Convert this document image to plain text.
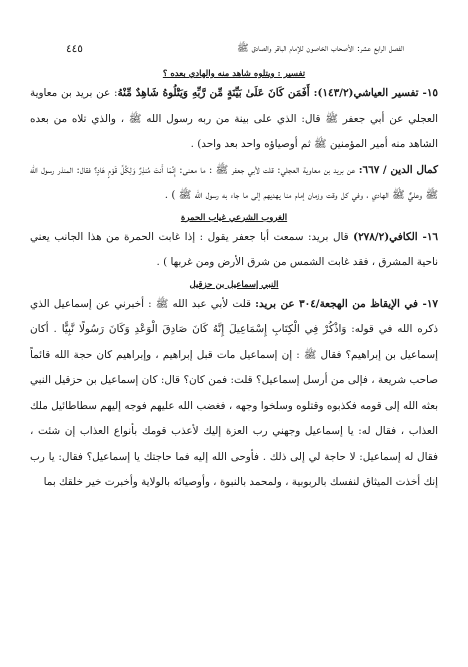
الفصل الرابع عشر: الأصحاب الخاصون للإمام الباقر والصادق ﷺ
٤٤٥
تفسير : ويتلوه شاهد منه والهادي بعده ؟

١٥- تفسير العياشي(١٤٣/٢): أَفَمَن كَانَ عَلَىٰ بَيِّنَةٍ مِّن رَّبِّهِ وَيَتْلُوهُ شَاهِدٌ مِّنْهُ: عن بريد بن معاوية العجلي عن أبي جعفر ﷺ قال: الذي على بينة من ربه رسول الله ﷺ ، والذي تلاه من بعده الشاهد منه أمير المؤمنين ﷺ ثم أوصياؤه واحد بعد واحد) .

كمال الدين / ٦٦٧: عن بريد بن معاوية العجلي: قلت لأبي جعفر ﷺ : ما معنى: إِنَّمَا أَنتَ مُنذِرٌ وَلِكُلِّ قَوْمٍ هَادٍ؟ فقال: المنذر رسول الله ﷺ وعليٌّ ﷺ الهادي ، وفي كل وقت وزمان إمام منا يهديهم إلى ما جاء به رسول الله ﷺ ) .

الغروب الشرعي غياب الحمرة

١٦- الكافي(٢٧٨/٢) قال بريد: سمعت أبا جعفر يقول : إذا غابت الحمرة من هذا الجانب يعني ناحية المشرق ، فقد غابت الشمس من شرق الأرض ومن غربها ) .

النبي إسماعيل بن حزقيل

١٧- في الإيقاظ من الهجعة/٣٠٤ عن بريد: قلت لأبي عبد الله ﷺ : أخبرني عن إسماعيل الذي ذكره الله في قوله: وَاذْكُرْ فِي الْكِتَابِ إِسْمَاعِيلَ إِنَّهُ كَانَ صَادِقَ الْوَعْدِ وَكَانَ رَسُولًا نَّبِيًّا . أكان إسماعيل بن إبراهيم؟ فقال ﷺ : إن إسماعيل مات قبل إبراهيم ، وإبراهيم كان حجة الله قائماً صاحب شريعة ، فإلى من أرسل إسماعيل؟ قلت: فمن كان؟ قال: كان إسماعيل بن حزقيل النبي بعثه الله إلى قومه فكذبوه وقتلوه وسلخوا وجهه ، فغضب الله عليهم فوجه إليهم سطاطائيل ملك العذاب ، فقال له: يا إسماعيل وجهني رب العزة إليك لأعذب قومك بأنواع العذاب إن شئت ، فقال له إسماعيل: لا حاجة لي إلى ذلك . فأوحى الله إليه فما حاجتك يا إسماعيل؟ فقال: يا رب إنك أخذت الميثاق لنفسك بالربوبية ، ولمحمد بالنبوة ، وأوصيائه بالولاية وأخبرت خير خلقك بما
